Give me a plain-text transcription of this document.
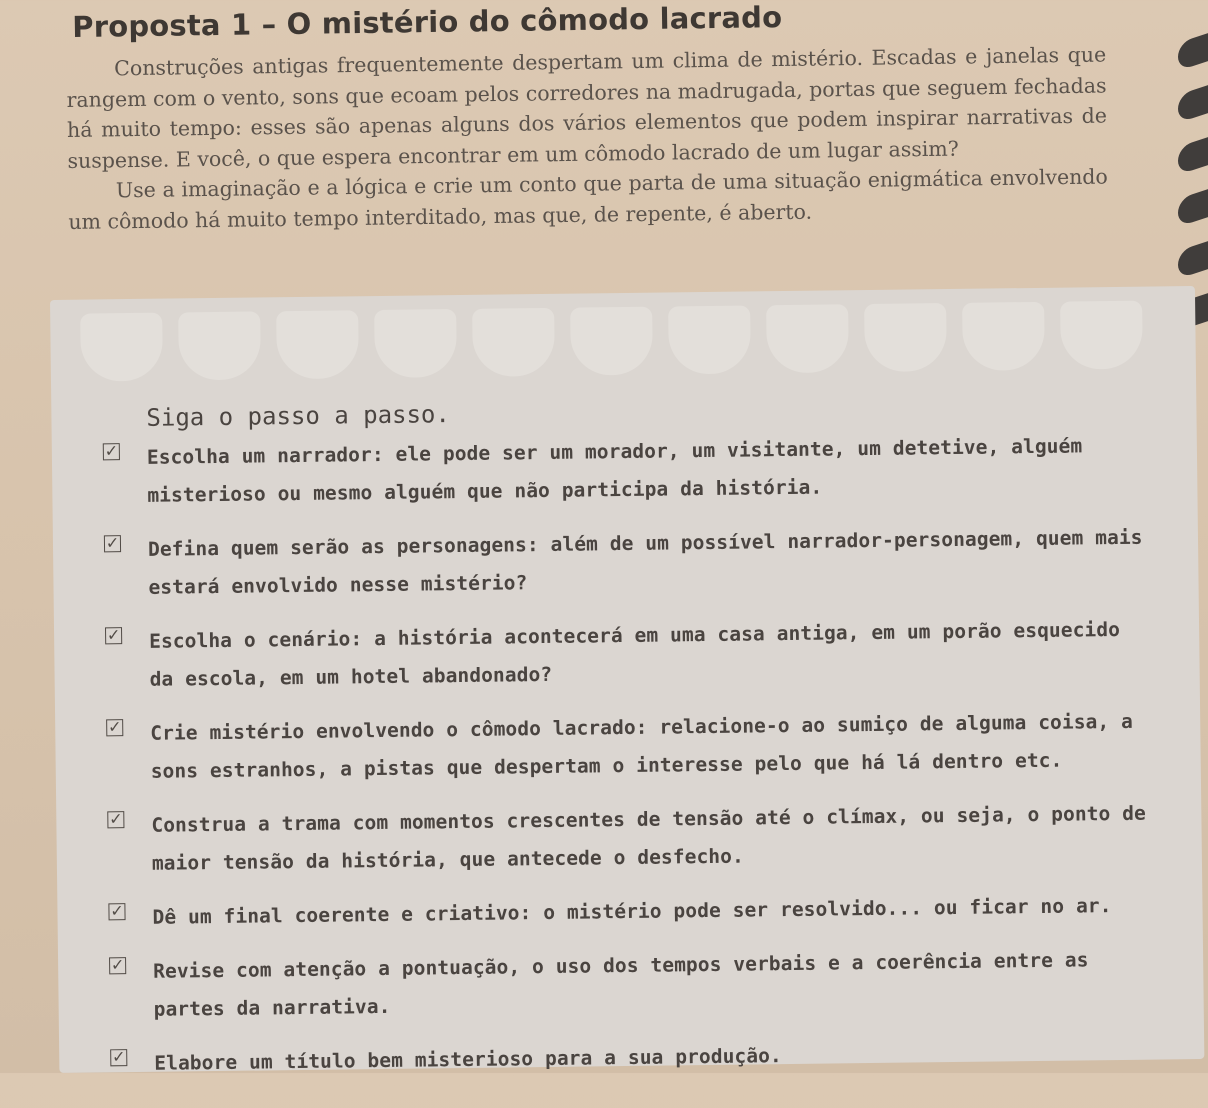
Proposta 1 – O mistério do cômodo lacrado

Construções antigas frequentemente despertam um clima de mistério. Escadas e janelas que rangem com o vento, sons que ecoam pelos corredores na madrugada, portas que seguem fechadas há muito tempo: esses são apenas alguns dos vários elementos que podem inspirar narrativas de suspense. E você, o que espera encontrar em um cômodo lacrado de um lugar assim?

Use a imaginação e a lógica e crie um conto que parta de uma situação enigmática envolvendo um cômodo há muito tempo interditado, mas que, de repente, é aberto.

Siga o passo a passo.
✓ Escolha um narrador: ele pode ser um morador, um visitante, um detetive, alguém misterioso ou mesmo alguém que não participa da história.
✓ Defina quem serão as personagens: além de um possível narrador-personagem, quem mais estará envolvido nesse mistério?
✓ Escolha o cenário: a história acontecerá em uma casa antiga, em um porão esquecido da escola, em um hotel abandonado?
✓ Crie mistério envolvendo o cômodo lacrado: relacione-o ao sumiço de alguma coisa, a sons estranhos, a pistas que despertam o interesse pelo que há lá dentro etc.
✓ Construa a trama com momentos crescentes de tensão até o clímax, ou seja, o ponto de maior tensão da história, que antecede o desfecho.
✓ Dê um final coerente e criativo: o mistério pode ser resolvido... ou ficar no ar.
✓ Revise com atenção a pontuação, o uso dos tempos verbais e a coerência entre as partes da narrativa.
✓ Elabore um título bem misterioso para a sua produção.
